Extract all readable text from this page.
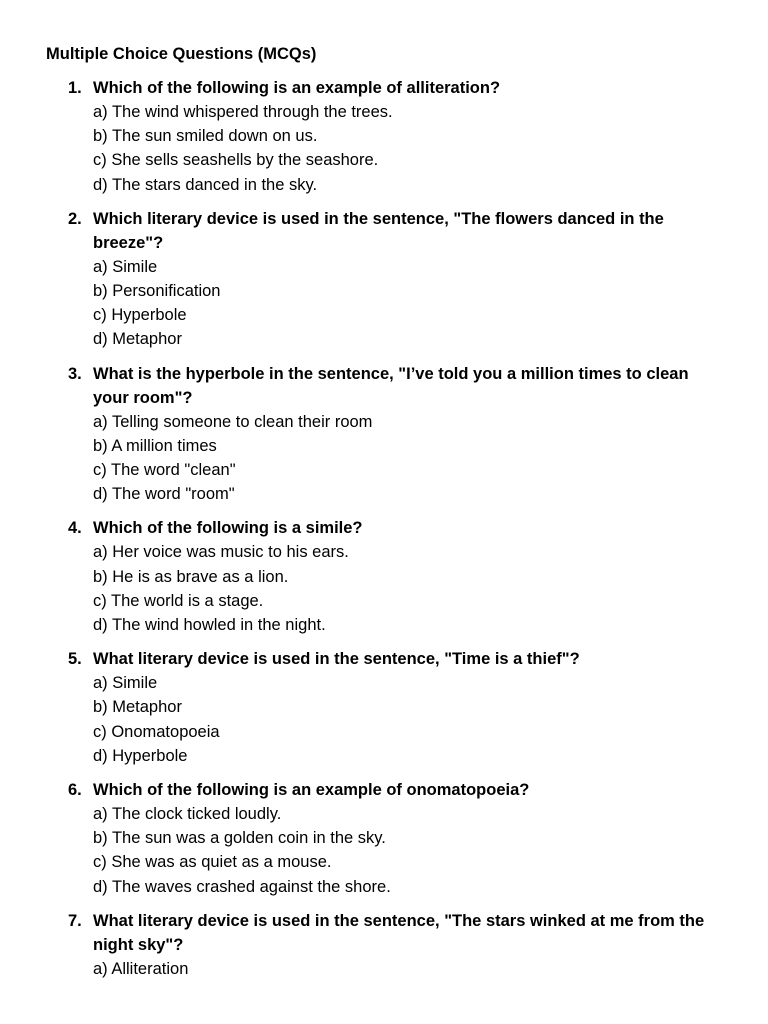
Multiple Choice Questions (MCQs)
1. Which of the following is an example of alliteration?
a) The wind whispered through the trees.
b) The sun smiled down on us.
c) She sells seashells by the seashore.
d) The stars danced in the sky.
2. Which literary device is used in the sentence, "The flowers danced in the breeze"?
a) Simile
b) Personification
c) Hyperbole
d) Metaphor
3. What is the hyperbole in the sentence, "I’ve told you a million times to clean your room"?
a) Telling someone to clean their room
b) A million times
c) The word "clean"
d) The word "room"
4. Which of the following is a simile?
a) Her voice was music to his ears.
b) He is as brave as a lion.
c) The world is a stage.
d) The wind howled in the night.
5. What literary device is used in the sentence, "Time is a thief"?
a) Simile
b) Metaphor
c) Onomatopoeia
d) Hyperbole
6. Which of the following is an example of onomatopoeia?
a) The clock ticked loudly.
b) The sun was a golden coin in the sky.
c) She was as quiet as a mouse.
d) The waves crashed against the shore.
7. What literary device is used in the sentence, "The stars winked at me from the night sky"?
a) Alliteration
